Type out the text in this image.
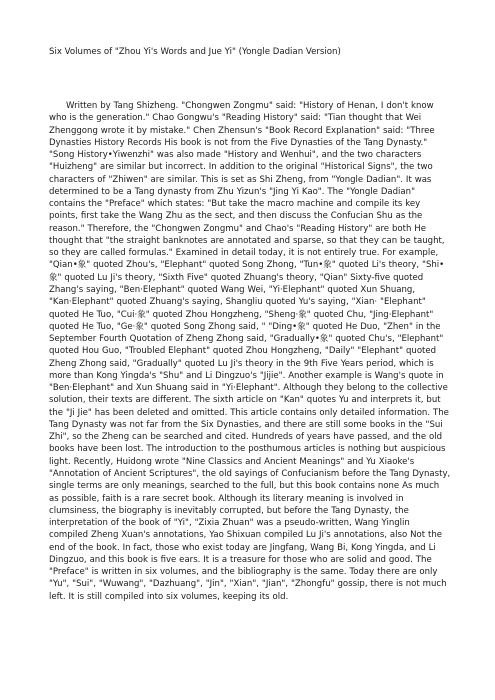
Six Volumes of "Zhou Yi's Words and Jue Yi" (Yongle Dadian Version)

Written by Tang Shizheng. "Chongwen Zongmu" said: "History of Henan, I don't know who is the generation." Chao Gongwu's "Reading History" said: "Tian thought that Wei Zhenggong wrote it by mistake." Chen Zhensun's "Book Record Explanation" said: "Three Dynasties History Records His book is not from the Five Dynasties of the Tang Dynasty." "Song History•Yiwenzhi" was also made "History and Wenhui", and the two characters "Huizheng" are similar but incorrect. In addition to the original "Historical Signs", the two characters of "Zhiwen" are similar. This is set as Shi Zheng, from "Yongle Dadian". It was determined to be a Tang dynasty from Zhu Yizun's "Jing Yi Kao". The "Yongle Dadian" contains the "Preface" which states: "But take the macro machine and compile its key points, first take the Wang Zhu as the sect, and then discuss the Confucian Shu as the reason." Therefore, the "Chongwen Zongmu" and Chao's "Reading History" are both He thought that "the straight banknotes are annotated and sparse, so that they can be taught, so they are called formulas." Examined in detail today, it is not entirely true. For example, "Qian•象" quoted Zhou's, "Elephant" quoted Song Zhong, "Tun•象" quoted Li's theory, "Shi•象" quoted Lu Ji's theory, "Sixth Five" quoted Zhuang's theory, "Qian" Sixty-five quoted Zhang's saying, "Ben·Elephant" quoted Wang Wei, "Yi·Elephant" quoted Xun Shuang, "Kan·Elephant" quoted Zhuang's saying, Shangliu quoted Yu's saying, "Xian· "Elephant" quoted He Tuo, "Cui·象" quoted Zhou Hongzheng, "Sheng·象" quoted Chu, "Jing·Elephant" quoted He Tuo, "Ge·象" quoted Song Zhong said, " "Ding•象" quoted He Duo, "Zhen" in the September Fourth Quotation of Zheng Zhong said, "Gradually•象" quoted Chu's, "Elephant" quoted Hou Guo, "Troubled Elephant" quoted Zhou Hongzheng, "Daily" "Elephant" quoted Zheng Zhong said, "Gradually" quoted Lu Ji's theory in the 9th Five Years period, which is more than Kong Yingda's "Shu" and Li Dingzuo's "Jijie". Another example is Wang's quote in "Ben·Elephant" and Xun Shuang said in "Yi·Elephant". Although they belong to the collective solution, their texts are different. The sixth article on "Kan" quotes Yu and interprets it, but the "Ji Jie" has been deleted and omitted. This article contains only detailed information. The Tang Dynasty was not far from the Six Dynasties, and there are still some books in the "Sui Zhi", so the Zheng can be searched and cited. Hundreds of years have passed, and the old books have been lost. The introduction to the posthumous articles is nothing but auspicious light. Recently, Huidong wrote "Nine Classics and Ancient Meanings" and Yu Xiaoke's "Annotation of Ancient Scriptures", the old sayings of Confucianism before the Tang Dynasty, single terms are only meanings, searched to the full, but this book contains none As much as possible, faith is a rare secret book. Although its literary meaning is involved in clumsiness, the biography is inevitably corrupted, but before the Tang Dynasty, the interpretation of the book of "Yi", "Zixia Zhuan" was a pseudo-written, Wang Yinglin compiled Zheng Xuan's annotations, Yao Shixuan compiled Lu Ji's annotations, also Not the end of the book. In fact, those who exist today are Jingfang, Wang Bi, Kong Yingda, and Li Dingzuo, and this book is five ears. It is a treasure for those who are solid and good. The "Preface" is written in six volumes, and the bibliography is the same. Today there are only "Yu", "Sui", "Wuwang", "Dazhuang", "Jin", "Xian", "Jian", "Zhongfu" gossip, there is not much left. It is still compiled into six volumes, keeping its old.
